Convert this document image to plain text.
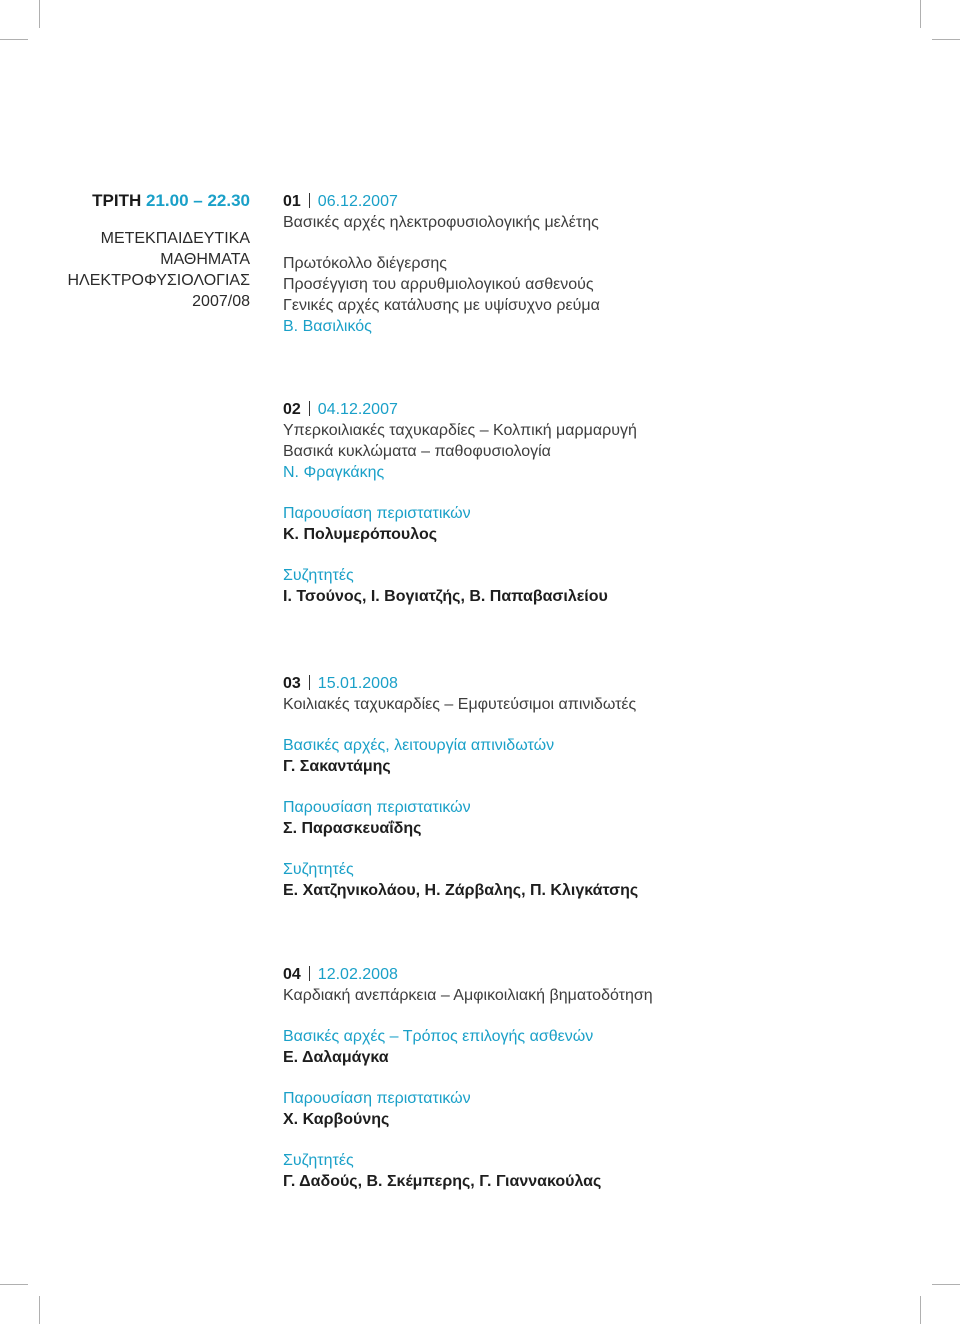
ΤΡΙΤΗ 21.00 – 22.30
ΜΕΤΕΚΠΑΙΔΕΥΤΙΚΑ
ΜΑΘΗΜΑΤΑ
ΗΛΕΚΤΡΟΦΥΣΙΟΛΟΓΙΑΣ
2007/08
01 06.12.2007
Βασικές αρχές ηλεκτροφυσιολογικής μελέτης
Πρωτόκολλο διέγερσης
Προσέγγιση του αρρυθμιολογικού ασθενούς
Γενικές αρχές κατάλυσης με υψίσυχνο ρεύμα
Β. Βασιλικός
02 04.12.2007
Υπερκοιλιακές ταχυκαρδίες – Κολπική μαρμαρυγή
Βασικά κυκλώματα – παθοφυσιολογία
Ν. Φραγκάκης
Παρουσίαση περιστατικών
Κ. Πολυμερόπουλος
Συζητητές
Ι. Τσούνος, Ι. Βογιατζής, Β. Παπαβασιλείου
03 15.01.2008
Κοιλιακές ταχυκαρδίες – Εμφυτεύσιμοι απινιδωτές
Βασικές αρχές, λειτουργία απινιδωτών
Γ. Σακαντάμης
Παρουσίαση περιστατικών
Σ. Παρασκευαΐδης
Συζητητές
Ε. Χατζηνικολάου, Η. Ζάρβαλης, Π. Κλιγκάτσης
04 12.02.2008
Καρδιακή ανεπάρκεια – Αμφικοιλιακή βηματοδότηση
Βασικές αρχές – Τρόπος επιλογής ασθενών
Ε. Δαλαμάγκα
Παρουσίαση περιστατικών
Χ. Καρβούνης
Συζητητές
Γ. Δαδούς, Β. Σκέμπερης, Γ. Γιαννακούλας
